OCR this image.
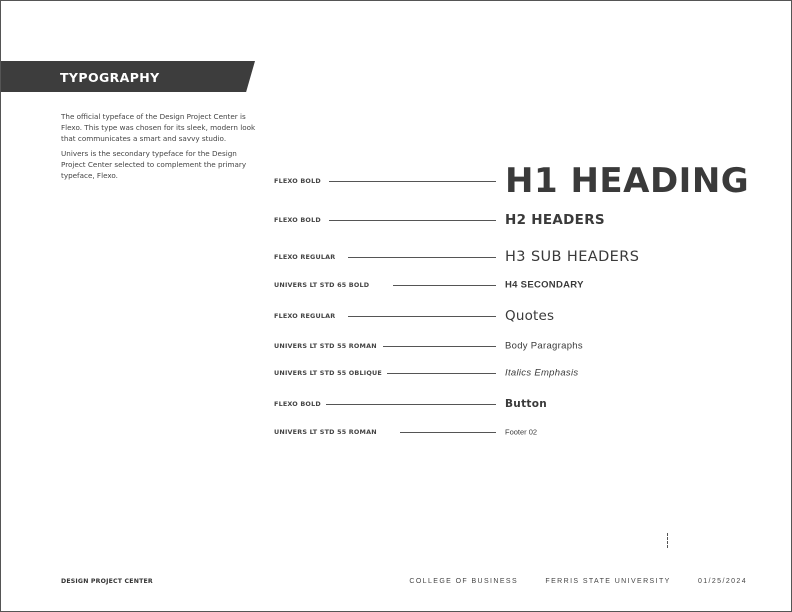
TYPOGRAPHY

The official typeface of the Design Project Center is Flexo. This type was chosen for its sleek, modern look that communicates a smart and savvy studio.

Univers is the secondary typeface for the Design Project Center selected to complement the primary typeface, Flexo.

FLEXO BOLD	H1 HEADING
FLEXO BOLD	H2 HEADERS
FLEXO REGULAR	H3 SUB HEADERS
UNIVERS LT STD 65 BOLD	H4 SECONDARY
FLEXO REGULAR	Quotes
UNIVERS LT STD 55 ROMAN	Body Paragraphs
UNIVERS LT STD 55 OBLIQUE	Italics Emphasis
FLEXO BOLD	Button
UNIVERS LT STD 55 ROMAN	Footer 02
DESIGN PROJECT CENTER	COLLEGE OF BUSINESS	FERRIS STATE UNIVERSITY	01/25/2024
